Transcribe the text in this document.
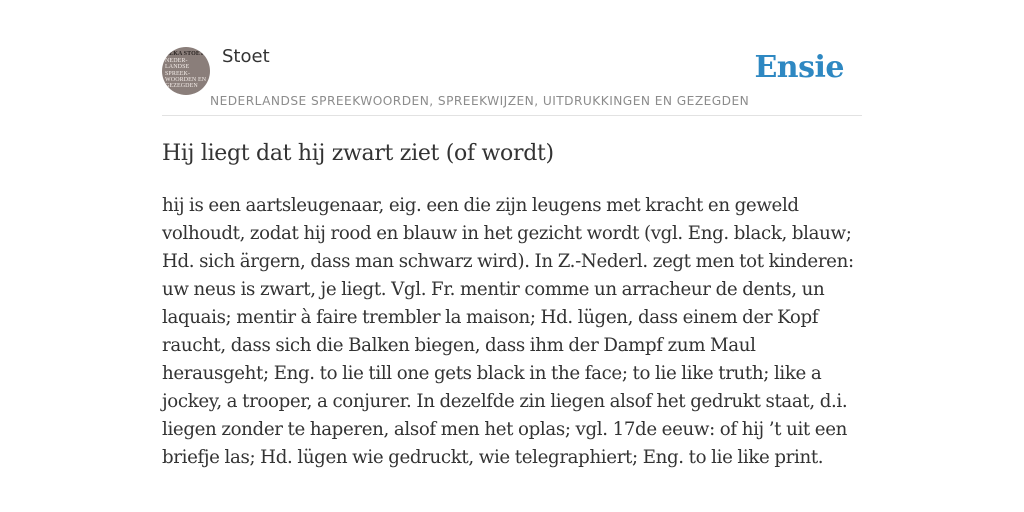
ZEKA STOET
NEDER-
LANDSE
SPREEK-
WOORDEN EN
GEZEGDEN
Stoet
NEDERLANDSE SPREEKWOORDEN, SPREEKWIJZEN, UITDRUKKINGEN EN GEZEGDEN
Ensie
Hij liegt dat hij zwart ziet (of wordt)

hij is een aartsleugenaar, eig. een die zijn leugens met kracht en geweld volhoudt, zodat hij rood en blauw in het gezicht wordt (vgl. Eng. black, blauw; Hd. sich ärgern, dass man schwarz wird). In Z.-Nederl. zegt men tot kinderen: uw neus is zwart, je liegt. Vgl. Fr. mentir comme un arracheur de dents, un laquais; mentir à faire trembler la maison; Hd. lügen, dass einem der Kopf raucht, dass sich die Balken biegen, dass ihm der Dampf zum Maul herausgeht; Eng. to lie till one gets black in the face; to lie like truth; like a jockey, a trooper, a conjurer. In dezelfde zin liegen alsof het gedrukt staat, d.i. liegen zonder te haperen, alsof men het oplas; vgl. 17de eeuw: of hij ’t uit een briefje las; Hd. lügen wie gedruckt, wie telegraphiert; Eng. to lie like print.
